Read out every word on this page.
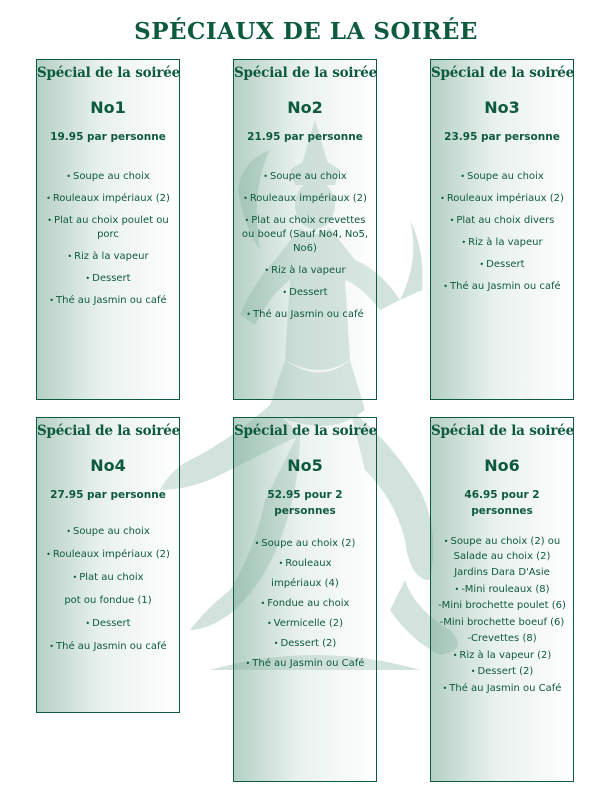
SPÉCIAUX DE LA SOIRÉE
Spécial de la soirée
No1
19.95 par personne
• Soupe au choix
• Rouleaux impériaux (2)
• Plat au choix poulet ou porc
• Riz à la vapeur
• Dessert
• Thé au Jasmin ou café
Spécial de la soirée
No2
21.95 par personne
• Soupe au choix
• Rouleaux impériaux (2)
• Plat au choix crevettes ou boeuf (Sauf No4, No5, No6)
• Riz à la vapeur
• Dessert
• Thé au Jasmin ou café
Spécial de la soirée
No3
23.95 par personne
• Soupe au choix
• Rouleaux impériaux (2)
• Plat au choix divers
• Riz à la vapeur
• Dessert
• Thé au Jasmin ou café
Spécial de la soirée
No4
27.95 par personne
• Soupe au choix
• Rouleaux impériaux (2)
• Plat au choix
pot ou fondue (1)
• Dessert
• Thé au Jasmin ou café
Spécial de la soirée
No5
52.95 pour 2 personnes
• Soupe au choix (2)
• Rouleaux
impériaux (4)
• Fondue au choix
• Vermicelle (2)
• Dessert (2)
• Thé au Jasmin ou Café
Spécial de la soirée
No6
46.95 pour 2 personnes
• Soupe au choix (2) ou Salade au choix (2)
Jardins Dara D'Asie
• -Mini rouleaux (8)
-Mini brochette poulet (6)
-Mini brochette boeuf (6)
-Crevettes (8)
• Riz à la vapeur (2)
• Dessert (2)
• Thé au Jasmin ou Café
